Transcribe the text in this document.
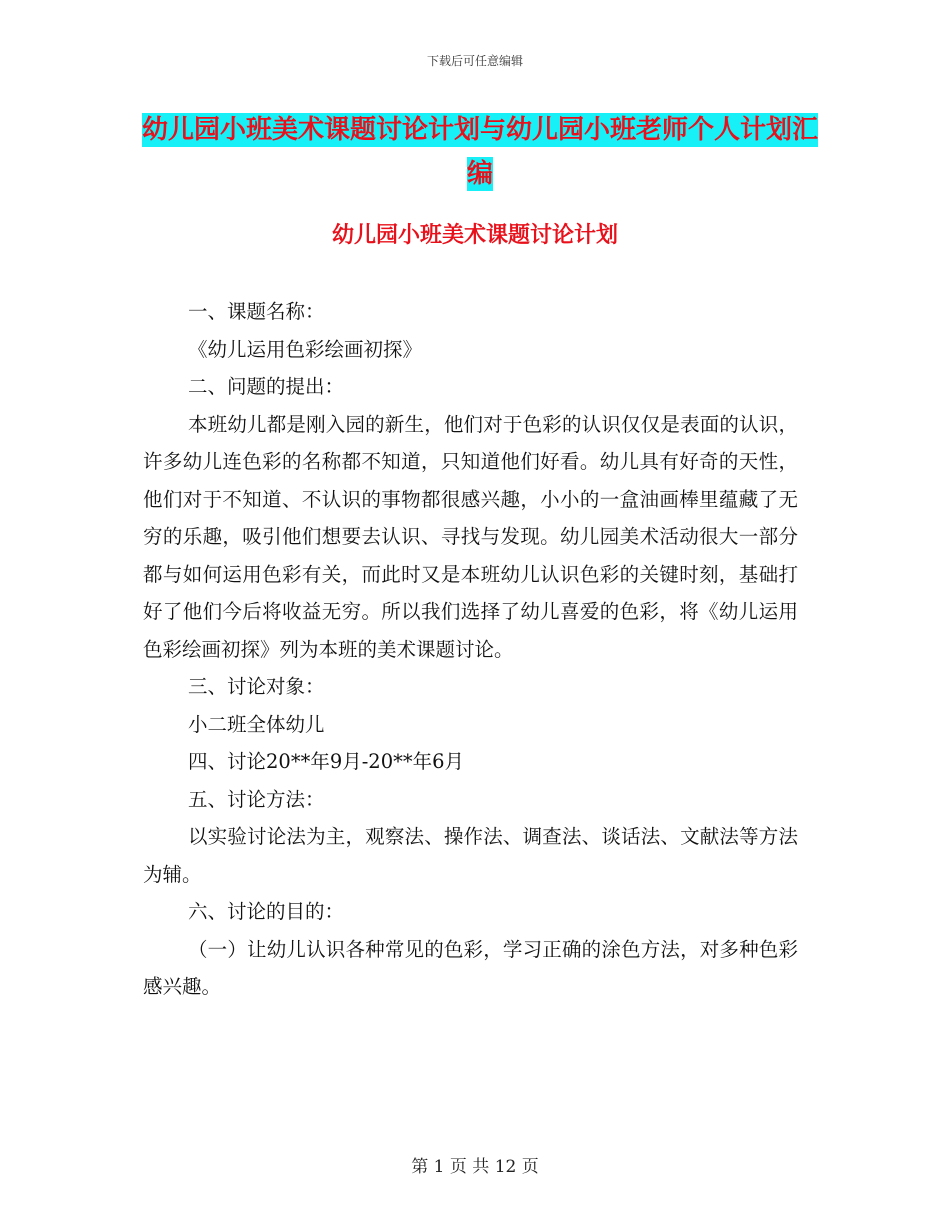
下载后可任意编辑
幼儿园小班美术课题讨论计划与幼儿园小班老师个人计划汇编
幼儿园小班美术课题讨论计划

一、课题名称：

《幼儿运用色彩绘画初探》

二、问题的提出：

本班幼儿都是刚入园的新生，他们对于色彩的认识仅仅是表面的认识，许多幼儿连色彩的名称都不知道，只知道他们好看。幼儿具有好奇的天性，他们对于不知道、不认识的事物都很感兴趣，小小的一盒油画棒里蕴藏了无穷的乐趣，吸引他们想要去认识、寻找与发现。幼儿园美术活动很大一部分都与如何运用色彩有关，而此时又是本班幼儿认识色彩的关键时刻，基础打好了他们今后将收益无穷。所以我们选择了幼儿喜爱的色彩，将《幼儿运用色彩绘画初探》列为本班的美术课题讨论。

三、讨论对象：

小二班全体幼儿

四、讨论20**年9月-20**年6月

五、讨论方法：

以实验讨论法为主，观察法、操作法、调查法、谈话法、文献法等方法为辅。

六、讨论的目的：

（一）让幼儿认识各种常见的色彩，学习正确的涂色方法，对多种色彩感兴趣。

第 1 页 共 12 页
